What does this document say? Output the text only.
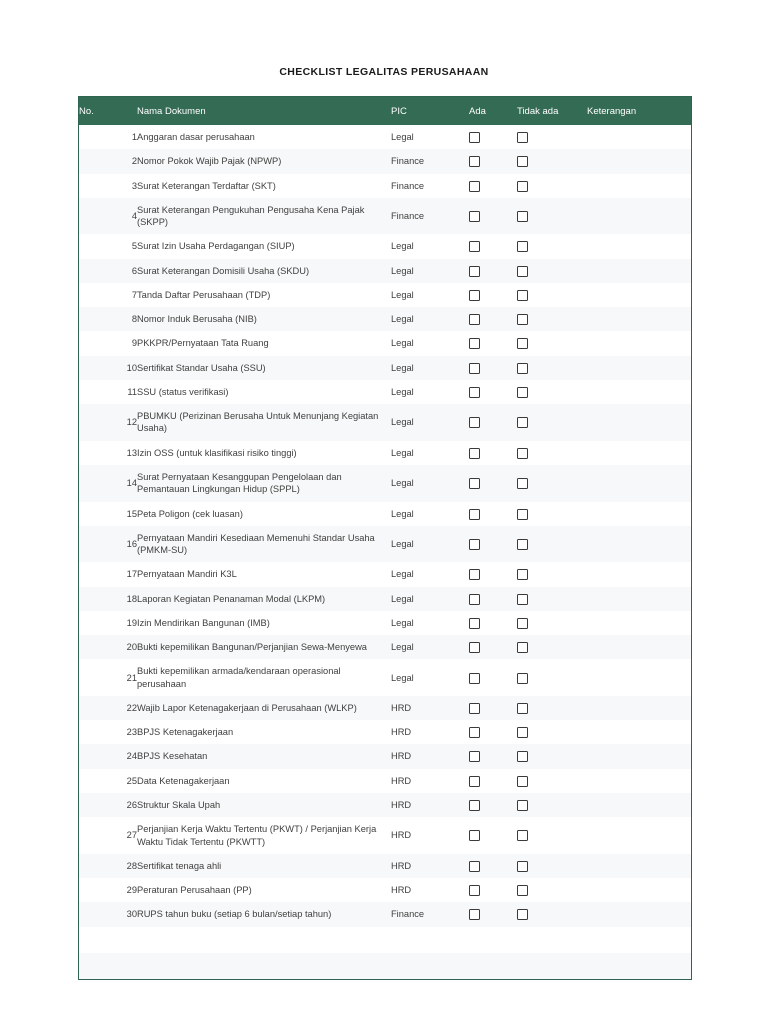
CHECKLIST LEGALITAS PERUSAHAAN
No.	Nama Dokumen	PIC	Ada	Tidak ada	Keterangan
1	Anggaran dasar perusahaan	Legal			
2	Nomor Pokok Wajib Pajak (NPWP)	Finance			
3	Surat Keterangan Terdaftar (SKT)	Finance			
4	Surat Keterangan Pengukuhan Pengusaha Kena Pajak (SKPP)	Finance			
5	Surat Izin Usaha Perdagangan (SIUP)	Legal			
6	Surat Keterangan Domisili Usaha (SKDU)	Legal			
7	Tanda Daftar Perusahaan (TDP)	Legal			
8	Nomor Induk Berusaha (NIB)	Legal			
9	PKKPR/Pernyataan Tata Ruang	Legal			
10	Sertifikat Standar Usaha (SSU)	Legal			
11	SSU (status verifikasi)	Legal			
12	PBUMKU (Perizinan Berusaha Untuk Menunjang Kegiatan Usaha)	Legal			
13	Izin OSS (untuk klasifikasi risiko tinggi)	Legal			
14	Surat Pernyataan Kesanggupan Pengelolaan dan Pemantauan Lingkungan Hidup (SPPL)	Legal			
15	Peta Poligon (cek luasan)	Legal			
16	Pernyataan Mandiri Kesediaan Memenuhi Standar Usaha (PMKM-SU)	Legal			
17	Pernyataan Mandiri K3L	Legal			
18	Laporan Kegiatan Penanaman Modal (LKPM)	Legal			
19	Izin Mendirikan Bangunan (IMB)	Legal			
20	Bukti kepemilikan Bangunan/Perjanjian Sewa-Menyewa	Legal			
21	Bukti kepemilikan armada/kendaraan operasional perusahaan	Legal			
22	Wajib Lapor Ketenagakerjaan di Perusahaan (WLKP)	HRD			
23	BPJS Ketenagakerjaan	HRD			
24	BPJS Kesehatan	HRD			
25	Data Ketenagakerjaan	HRD			
26	Struktur Skala Upah	HRD			
27	Perjanjian Kerja Waktu Tertentu (PKWT) / Perjanjian Kerja Waktu Tidak Tertentu (PKWTT)	HRD			
28	Sertifikat tenaga ahli	HRD			
29	Peraturan Perusahaan (PP)	HRD			
30	RUPS tahun buku (setiap 6 bulan/setiap tahun)	Finance			
